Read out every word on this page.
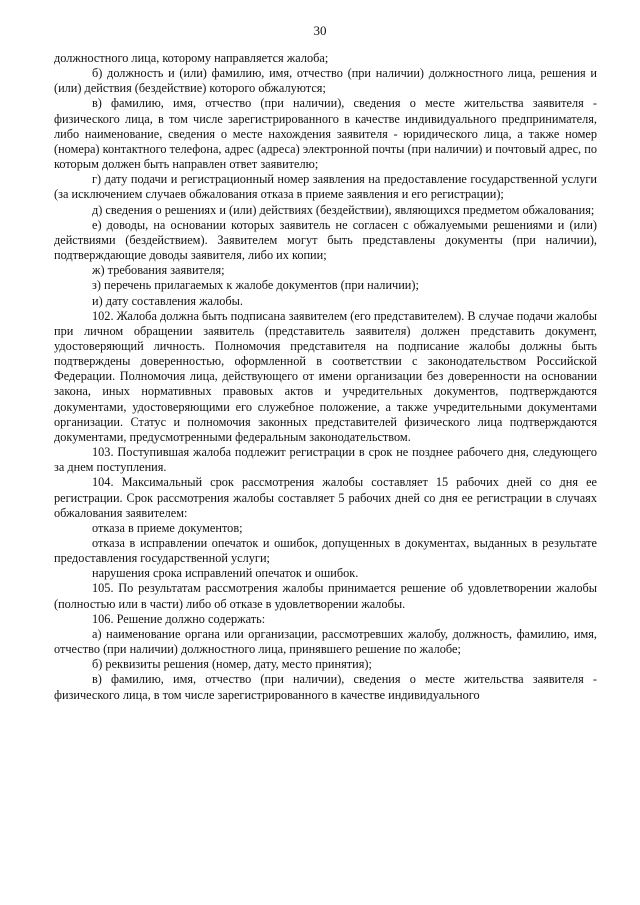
30

должностного лица, которому направляется жалоба;

б) должность и (или) фамилию, имя, отчество (при наличии) должностного лица, решения и (или) действия (бездействие) которого обжалуются;

в) фамилию, имя, отчество (при наличии), сведения о месте жительства заявителя - физического лица, в том числе зарегистрированного в качестве индивидуального предпринимателя, либо наименование, сведения о месте нахождения заявителя - юридического лица, а также номер (номера) контактного телефона, адрес (адреса) электронной почты (при наличии) и почтовый адрес, по которым должен быть направлен ответ заявителю;

г) дату подачи и регистрационный номер заявления на предоставление государственной услуги (за исключением случаев обжалования отказа в приеме заявления и его регистрации);

д) сведения о решениях и (или) действиях (бездействии), являющихся предметом обжалования;

е) доводы, на основании которых заявитель не согласен с обжалуемыми решениями и (или) действиями (бездействием). Заявителем могут быть представлены документы (при наличии), подтверждающие доводы заявителя, либо их копии;

ж) требования заявителя;

з) перечень прилагаемых к жалобе документов (при наличии);

и) дату составления жалобы.

102. Жалоба должна быть подписана заявителем (его представителем). В случае подачи жалобы при личном обращении заявитель (представитель заявителя) должен представить документ, удостоверяющий личность. Полномочия представителя на подписание жалобы должны быть подтверждены доверенностью, оформленной в соответствии с законодательством Российской Федерации. Полномочия лица, действующего от имени организации без доверенности на основании закона, иных нормативных правовых актов и учредительных документов, подтверждаются документами, удостоверяющими его служебное положение, а также учредительными документами организации. Статус и полномочия законных представителей физического лица подтверждаются документами, предусмотренными федеральным законодательством.

103. Поступившая жалоба подлежит регистрации в срок не позднее рабочего дня, следующего за днем поступления.

104. Максимальный срок рассмотрения жалобы составляет 15 рабочих дней со дня ее регистрации. Срок рассмотрения жалобы составляет 5 рабочих дней со дня ее регистрации в случаях обжалования заявителем:

отказа в приеме документов;

отказа в исправлении опечаток и ошибок, допущенных в документах, выданных в результате предоставления государственной услуги;

нарушения срока исправлений опечаток и ошибок.

105. По результатам рассмотрения жалобы принимается решение об удовлетворении жалобы (полностью или в части) либо об отказе в удовлетворении жалобы.

106. Решение должно содержать:

а) наименование органа или организации, рассмотревших жалобу, должность, фамилию, имя, отчество (при наличии) должностного лица, принявшего решение по жалобе;

б) реквизиты решения (номер, дату, место принятия);

в) фамилию, имя, отчество (при наличии), сведения о месте жительства заявителя - физического лица, в том числе зарегистрированного в качестве индивидуального
